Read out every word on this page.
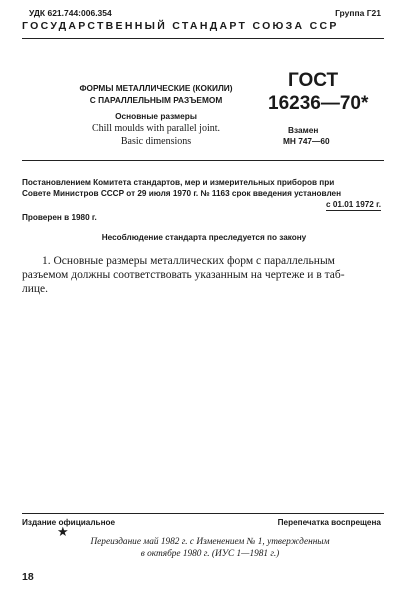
УДК 621.744:006.354	Группа Г21
ГОСУДАРСТВЕННЫЙ СТАНДАРТ СОЮЗА ССР
ФОРМЫ МЕТАЛЛИЧЕСКИЕ (КОКИЛИ)
С ПАРАЛЛЕЛЬНЫМ РАЗЪЕМОМ
Основные размеры
Chill moulds with parallel joint.
Basic dimensions
ГОСТ
16236—70*
Взамен
МН 747—60
Постановлением Комитета стандартов, мер и измерительных приборов при
Совете Министров СССР от 29 июля 1970 г. № 1163 срок введения установлен
с 01.01 1972 г.
Проверен в 1980 г.
Несоблюдение стандарта преследуется по закону
1. Основные размеры металлических форм с параллельным
разъемом должны соответствовать указанным на чертеже и в таб-
лице.
Издание официальное	Перепечатка воспрещена
★
Переиздание май 1982 г. с Изменением № 1, утвержденным
в октябре 1980 г. (ИУС 1—1981 г.)
18
